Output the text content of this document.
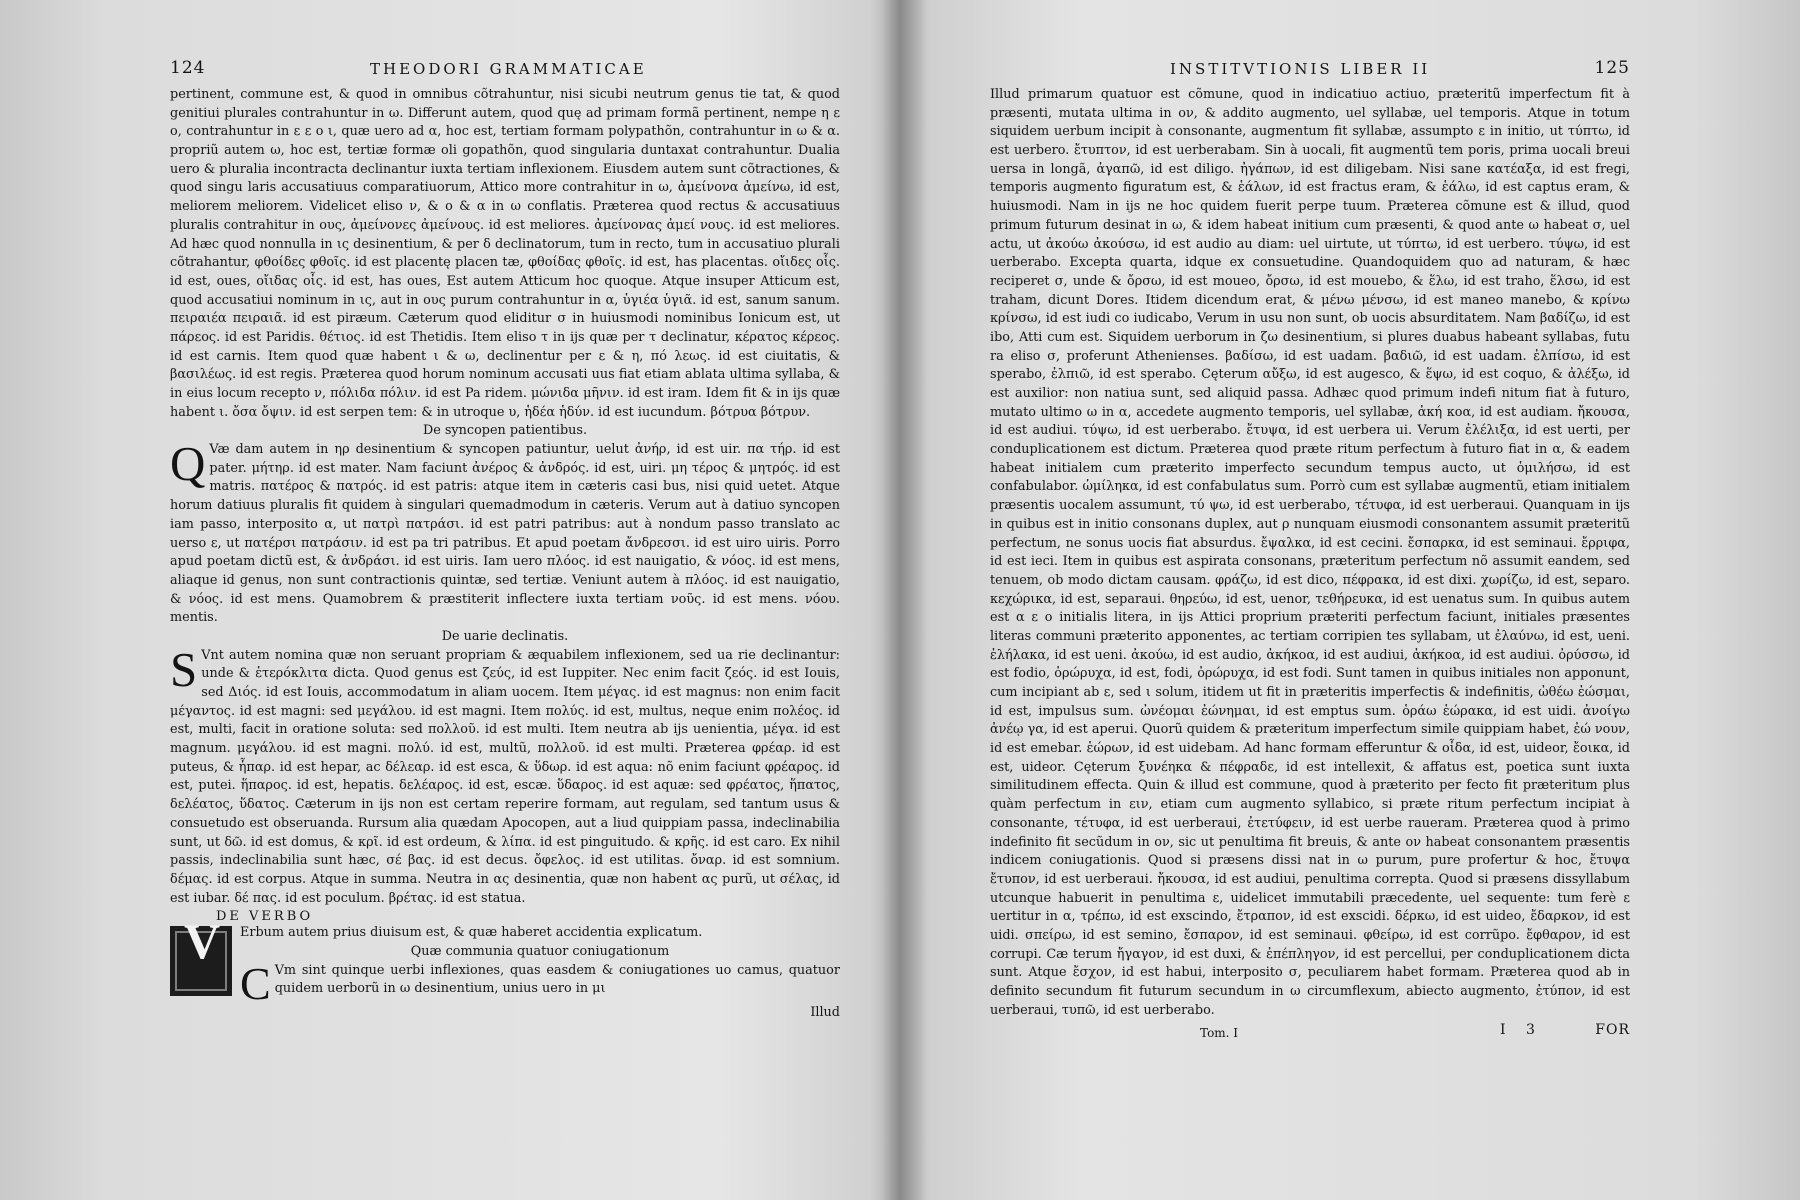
124	THEODORI GRAMMATICAE

pertinent, commune est, & quod in omnibus cõtrahuntur, nisi sicubi neutrum genus tie tat, & quod genitiui plurales contrahuntur in ω. Differunt autem, quod quę ad primam formã pertinent, nempe η ε ο, contrahuntur in ε ε ο ι, quæ uero ad α, hoc est, tertiam formam polypathõn, contrahuntur in ω & α. propriũ autem ω, hoc est, tertiæ formæ oli gopathõn, quod singularia duntaxat contrahuntur. Dualia uero & pluralia incontracta declinantur iuxta tertiam inflexionem. Eiusdem autem sunt cõtractiones, & quod singu laris accusatiuus comparatiuorum, Attico more contrahitur in ω, ἀμείνονα ἀμείνω, id est, meliorem meliorem. Videlicet eliso ν, & ο & α in ω conflatis. Præterea quod rectus & accusatiuus pluralis contrahitur in ους, ἀμείνονες ἀμείνους. id est meliores. ἀμείνονας ἀμεί νους. id est meliores. Ad hæc quod nonnulla in ις desinentium, & per δ declinatorum, tum in recto, tum in accusatiuo plurali cõtrahantur, φθοίδες φθοῖς. id est placentę placen tæ, φθοίδας φθοῖς. id est, has placentas. οἴιδες οἶς. id est, oues, οἴιδας οἶς. id est, has oues, Est autem Atticum hoc quoque. Atque insuper Atticum est, quod accusatiui nominum in ις, aut in ους purum contrahuntur in α, ὑγιέα ὑγιᾶ. id est, sanum sanum. πειραιέα πειραιᾶ. id est piræum. Cæterum quod eliditur σ in huiusmodi nominibus Ionicum est, ut πάρεος. id est Paridis. θέτιος. id est Thetidis. Item eliso τ in ijs quæ per τ declinatur, κέρατος κέρεος. id est carnis. Item quod quæ habent ι & ω, declinentur per ε & η, πό λεως. id est ciuitatis, & βασιλέως. id est regis. Præterea quod horum nominum accusati uus fiat etiam ablata ultima syllaba, & in eius locum recepto ν, πόλιδα πόλιν. id est Pa ridem. μώνιδα μῆνιν. id est iram. Idem fit & in ijs quæ habent ι. ὄσα ὄψιν. id est serpen tem: & in utroque υ, ἡδέα ἡδύν. id est iucundum. βότρυα βότρυν.

De syncopen patientibus.

Q Væ dam autem in ηρ desinentium & syncopen patiuntur, uelut ἀνήρ, id est uir. πα τήρ. id est pater. μήτηρ. id est mater. Nam faciunt ἀνέρος & ἀνδρός. id est, uiri. μη τέρος & μητρός. id est matris. πατέρος & πατρός. id est patris: atque item in cæteris casi bus, nisi quid uetet. Atque horum datiuus pluralis fit quidem à singulari quemadmodum in cæteris. Verum aut à datiuo syncopen iam passo, interposito α, ut πατρὶ πατράσι. id est patri patribus: aut à nondum passo translato ac uerso ε, ut πατέρσι πατράσιν. id est pa tri patribus. Et apud poetam ἄνδρεσσι. id est uiro uiris. Porro apud poetam dictũ est, & ἀνδράσι. id est uiris. Iam uero πλόος. id est nauigatio, & νόος. id est mens, aliaque id genus, non sunt contractionis quintæ, sed tertiæ. Veniunt autem à πλόος. id est nauigatio, & νόος. id est mens. Quamobrem & præstiterit inflectere iuxta tertiam νοῦς. id est mens. νόου. mentis.

De uarie declinatis.

S Vnt autem nomina quæ non seruant propriam & æquabilem inflexionem, sed ua rie declinantur: unde & ἑτερόκλιτα dicta. Quod genus est ζεύς, id est Iuppiter. Nec enim facit ζεός. id est Iouis, sed Διός. id est Iouis, accommodatum in aliam uocem. Item μέγας. id est magnus: non enim facit μέγαντος. id est magni: sed μεγάλου. id est magni. Item πολύς. id est, multus, neque enim πολέος. id est, multi, facit in oratione soluta: sed πολλοῦ. id est multi. Item neutra ab ijs uenientia, μέγα. id est magnum. μεγάλου. id est magni. πολύ. id est, multũ, πολλοῦ. id est multi. Præterea φρέαρ. id est puteus, & ἧπαρ. id est hepar, ac δέλεαρ. id est esca, & ὕδωρ. id est aqua: nõ enim faciunt φρέαρος. id est, putei. ἥπαρος. id est, hepatis. δελέαρος. id est, escæ. ὕδαρος. id est aquæ: sed φρέατος, ἥπατος, δελέατος, ὕδατος. Cæterum in ijs non est certam reperire formam, aut regulam, sed tantum usus & consuetudo est obseruanda. Rursum alia quædam Apocopen, aut a liud quippiam passa, indeclinabilia sunt, ut δῶ. id est domus, & κρῖ. id est ordeum, & λίπα. id est pinguitudo. & κρῆς. id est caro. Ex nihil passis, indeclinabilia sunt hæc, σέ βας. id est decus. ὄφελος. id est utilitas. ὄναρ. id est somnium. δέμας. id est corpus. Atque in summa. Neutra in ας desinentia, quæ non habent ας purũ, ut σέλας, id est iubar. δέ πας. id est poculum. βρέτας. id est statua.

DE VERBO
V	Erbum autem prius diuisum est, & quæ haberet accidentia explicatum.

Quæ communia quatuor coniugationum

C Vm sint quinque uerbi inflexiones, quas easdem & coniugationes uo camus, quatuor quidem uerborũ in ω desinentium, unius uero in μι

Illud

INSTITVTIONIS LIBER II	125

Illud primarum quatuor est cõmune, quod in indicatiuo actiuo, præteritũ imperfectum fit à præsenti, mutata ultima in ον, & addito augmento, uel syllabæ, uel temporis. Atque in totum siquidem uerbum incipit à consonante, augmentum fit syllabæ, assumpto ε in initio, ut τύπτω, id est uerbero. ἔτυπτον, id est uerberabam. Sin à uocali, fit augmentũ tem poris, prima uocali breui uersa in longã, ἀγαπῶ, id est diligo. ἠγάπων, id est diligebam. Nisi sane κατέαξα, id est fregi, temporis augmento figuratum est, & ἑάλων, id est fractus eram, & ἑάλω, id est captus eram, & huiusmodi. Nam in ijs ne hoc quidem fuerit perpe tuum. Præterea cõmune est & illud, quod primum futurum desinat in ω, & idem habeat initium cum præsenti, & quod ante ω habeat σ, uel actu, ut ἀκούω ἀκούσω, id est audio au diam: uel uirtute, ut τύπτω, id est uerbero. τύψω, id est uerberabo. Excepta quarta, idque ex consuetudine. Quandoquidem quo ad naturam, & hæc reciperet σ, unde & ὄρσω, id est moueo, ὄρσω, id est mouebo, & ἕλω, id est traho, ἕλσω, id est traham, dicunt Dores. Itidem dicendum erat, & μένω μένσω, id est maneo manebo, & κρίνω κρίνσω, id est iudi co iudicabo, Verum in usu non sunt, ob uocis absurditatem. Nam βαδίζω, id est ibo, Atti cum est. Siquidem uerborum in ζω desinentium, si plures duabus habeant syllabas, futu ra eliso σ, proferunt Athenienses. βαδίσω, id est uadam. βαδιῶ, id est uadam. ἐλπίσω, id est sperabo, ἐλπιῶ, id est sperabo. Cęterum αὔξω, id est augesco, & ἕψω, id est coquo, & ἀλέξω, id est auxilior: non natiua sunt, sed aliquid passa. Adhæc quod primum indefi nitum fiat à futuro, mutato ultimo ω in α, accedete augmento temporis, uel syllabæ, ἀκή κοα, id est audiam. ἤκουσα, id est audiui. τύψω, id est uerberabo. ἔτυψα, id est uerbera ui. Verum ἐλέλιξα, id est uerti, per conduplicationem est dictum. Præterea quod præte ritum perfectum à futuro fiat in α, & eadem habeat initialem cum præterito imperfecto secundum tempus aucto, ut ὁμιλήσω, id est confabulabor. ὡμίληκα, id est confabulatus sum. Porrò cum est syllabæ augmentũ, etiam initialem præsentis uocalem assumunt, τύ ψω, id est uerberabo, τέτυφα, id est uerberaui. Quanquam in ijs in quibus est in initio consonans duplex, aut ρ nunquam eiusmodi consonantem assumit præteritũ perfectum, ne sonus uocis fiat absurdus. ἔψαλκα, id est cecini. ἔσπαρκα, id est seminaui. ἔρριφα, id est ieci. Item in quibus est aspirata consonans, præteritum perfectum nõ assumit eandem, sed tenuem, ob modo dictam causam. φράζω, id est dico, πέφρακα, id est dixi. χωρίζω, id est, separo. κεχώρικα, id est, separaui. θηρεύω, id est, uenor, τεθήρευκα, id est uenatus sum. In quibus autem est α ε ο initialis litera, in ijs Attici proprium præteriti perfectum faciunt, initiales præsentes literas communi præterito apponentes, ac tertiam corripien tes syllabam, ut ἐλαύνω, id est, ueni. ἐλήλακα, id est ueni. ἀκούω, id est audio, ἀκήκοα, id est audiui, ἀκήκοα, id est audiui. ὀρύσσω, id est fodio, ὀρώρυχα, id est, fodi, ὀρώρυχα, id est fodi. Sunt tamen in quibus initiales non apponunt, cum incipiant ab ε, sed ι solum, itidem ut fit in præteritis imperfectis & indefinitis, ὠθέω ἐώσμαι, id est, impulsus sum. ὠνέομαι ἐώνημαι, id est emptus sum. ὁράω ἑώρακα, id est uidi. ἀνοίγω ἀνέῳ γα, id est aperui. Quorũ quidem & præteritum imperfectum simile quippiam habet, ἐώ νουν, id est emebar. ἑώρων, id est uidebam. Ad hanc formam efferuntur & οἶδα, id est, uideor, ἔοικα, id est, uideor. Cęterum ξυνέηκα & πέφραδε, id est intellexit, & affatus est, poetica sunt iuxta similitudinem effecta. Quin & illud est commune, quod à præterito per fecto fit præteritum plus quàm perfectum in ειν, etiam cum augmento syllabico, si præte ritum perfectum incipiat à consonante, τέτυφα, id est uerberaui, ἐτετύφειν, id est uerbe raueram. Præterea quod à primo indefinito fit secũdum in ον, sic ut penultima fit breuis, & ante ον habeat consonantem præsentis indicem coniugationis. Quod si præsens dissi nat in ω purum, pure profertur & hoc, ἔτυψα ἔτυπον, id est uerberaui. ἤκουσα, id est audiui, penultima correpta. Quod si præsens dissyllabum utcunque habuerit in penultima ε, uidelicet immutabili præcedente, uel sequente: tum ferè ε uertitur in α, τρέπω, id est exscindo, ἔτραπον, id est exscidi. δέρκω, id est uideo, ἔδαρκον, id est uidi. σπείρω, id est semino, ἔσπαρον, id est seminaui. φθείρω, id est corrũpo. ἔφθαρον, id est corrupi. Cæ terum ἤγαγον, id est duxi, & ἐπέπληγον, id est percellui, per conduplicationem dicta sunt. Atque ἔσχον, id est habui, interposito σ, peculiarem habet formam. Præterea quod ab in definito secundum fit futurum secundum in ω circumflexum, abiecto augmento, ἐτύπον, id est uerberaui, τυπῶ, id est uerberabo.

Tom. I	I 3	FOR
